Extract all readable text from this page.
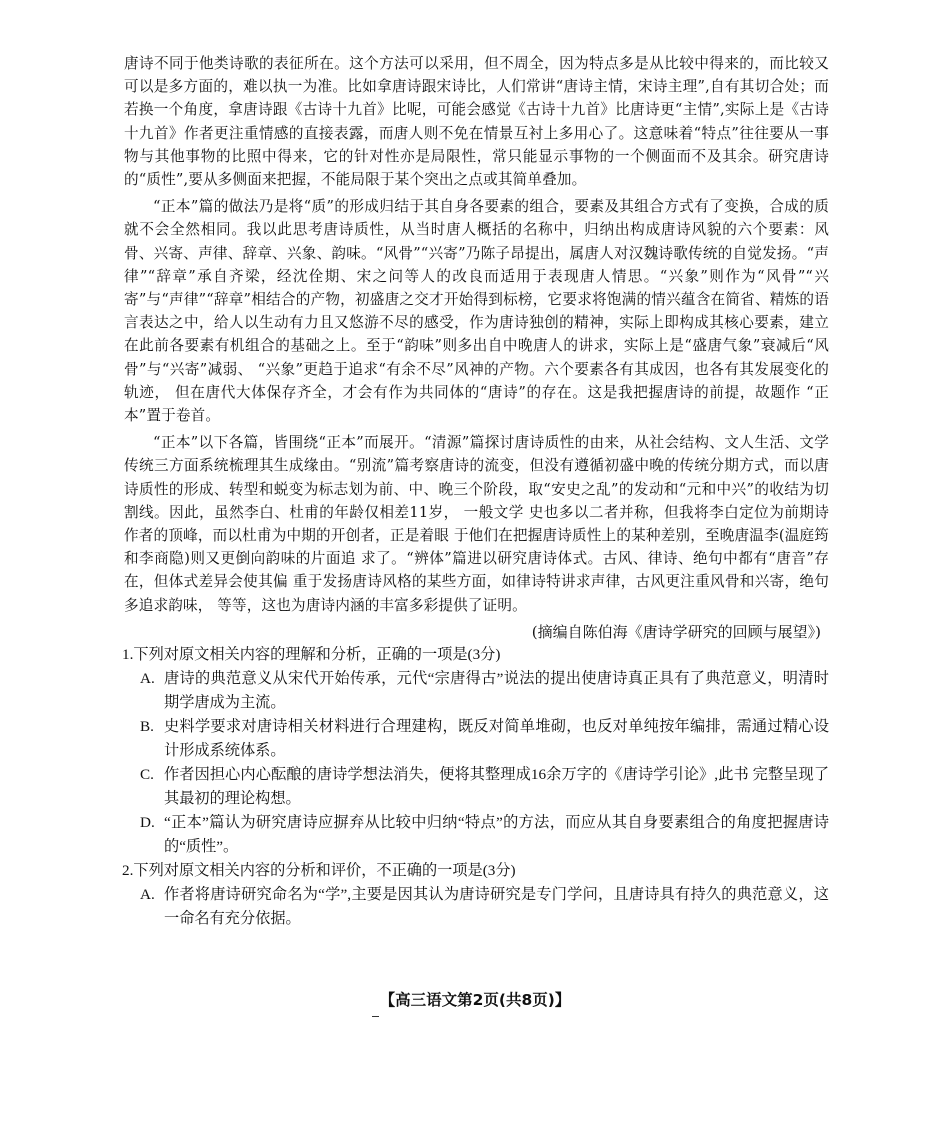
唐诗不同于他类诗歌的表征所在。这个方法可以采用，但不周全，因为特点多是从比较中得来的，而比较又可以是多方面的，难以执一为准。比如拿唐诗跟宋诗比，人们常讲“唐诗主情，宋诗主理”,自有其切合处；而若换一个角度，拿唐诗跟《古诗十九首》比呢，可能会感觉《古诗十九首》比唐诗更“主情”,实际上是《古诗十九首》作者更注重情感的直接表露，而唐人则不免在情景互衬上多用心了。这意味着“特点”往往要从一事物与其他事物的比照中得来，它的针对性亦是局限性，常只能显示事物的一个侧面而不及其余。研究唐诗的“质性”,要从多侧面来把握，不能局限于某个突出之点或其简单叠加。

“正本”篇的做法乃是将“质”的形成归结于其自身各要素的组合，要素及其组合方式有了变换，合成的质就不会全然相同。我以此思考唐诗质性，从当时唐人概括的名称中，归纳出构成唐诗风貌的六个要素：风骨、兴寄、声律、辞章、兴象、韵味。“风骨”“兴寄”乃陈子昂提出，属唐人对汉魏诗歌传统的自觉发扬。“声律”“辞章”承自齐梁，经沈佺期、宋之问等人的改良而适用于表现唐人情思。“兴象”则作为“风骨”“兴寄”与“声律”“辞章”相结合的产物，初盛唐之交才开始得到标榜，它要求将饱满的情兴蕴含在简省、精炼的语言表达之中，给人以生动有力且又悠游不尽的感受，作为唐诗独创的精神，实际上即构成其核心要素，建立在此前各要素有机组合的基础之上。至于“韵味”则多出自中晚唐人的讲求，实际上是“盛唐气象”衰减后“风骨”与“兴寄”减弱、 “兴象”更趋于追求“有余不尽”风神的产物。六个要素各有其成因，也各有其发展变化的轨迹， 但在唐代大体保存齐全，才会有作为共同体的“唐诗”的存在。这是我把握唐诗的前提，故题作 “正本”置于卷首。

“正本”以下各篇，皆围绕“正本”而展开。“清源”篇探讨唐诗质性的由来，从社会结构、文人生活、文学传统三方面系统梳理其生成缘由。“别流”篇考察唐诗的流变，但没有遵循初盛中晚的传统分期方式，而以唐诗质性的形成、转型和蜕变为标志划为前、中、晚三个阶段，取“安史之乱”的发动和“元和中兴”的收结为切割线。因此，虽然李白、杜甫的年龄仅相差11岁， 一般文学 史也多以二者并称，但我将李白定位为前期诗作者的顶峰，而以杜甫为中期的开创者，正是着眼 于他们在把握唐诗质性上的某种差别，至晚唐温李(温庭筠和李商隐)则又更倒向韵味的片面追 求了。“辨体”篇进以研究唐诗体式。古风、律诗、绝句中都有“唐音”存在，但体式差异会使其偏 重于发扬唐诗风格的某些方面，如律诗特讲求声律，古风更注重风骨和兴寄，绝句多追求韵味， 等等，这也为唐诗内涵的丰富多彩提供了证明。

(摘编自陈伯海《唐诗学研究的回顾与展望》)

1.下列对原文相关内容的理解和分析，正确的一项是(3分)

A. 唐诗的典范意义从宋代开始传承，元代“宗唐得古”说法的提出使唐诗真正具有了典范意义，明清时期学唐成为主流。
B. 史料学要求对唐诗相关材料进行合理建构，既反对简单堆砌，也反对单纯按年编排，需通过精心设计形成系统体系。
C. 作者因担心内心酝酿的唐诗学想法消失，便将其整理成16余万字的《唐诗学引论》,此书 完整呈现了其最初的理论构想。
D. “正本”篇认为研究唐诗应摒弃从比较中归纳“特点”的方法，而应从其自身要素组合的角度把握唐诗的“质性”。

2.下列对原文相关内容的分析和评价，不正确的一项是(3分)

A. 作者将唐诗研究命名为“学”,主要是因其认为唐诗研究是专门学问，且唐诗具有持久的典范意义，这一命名有充分依据。
【高三语文第2页(共8页)】
